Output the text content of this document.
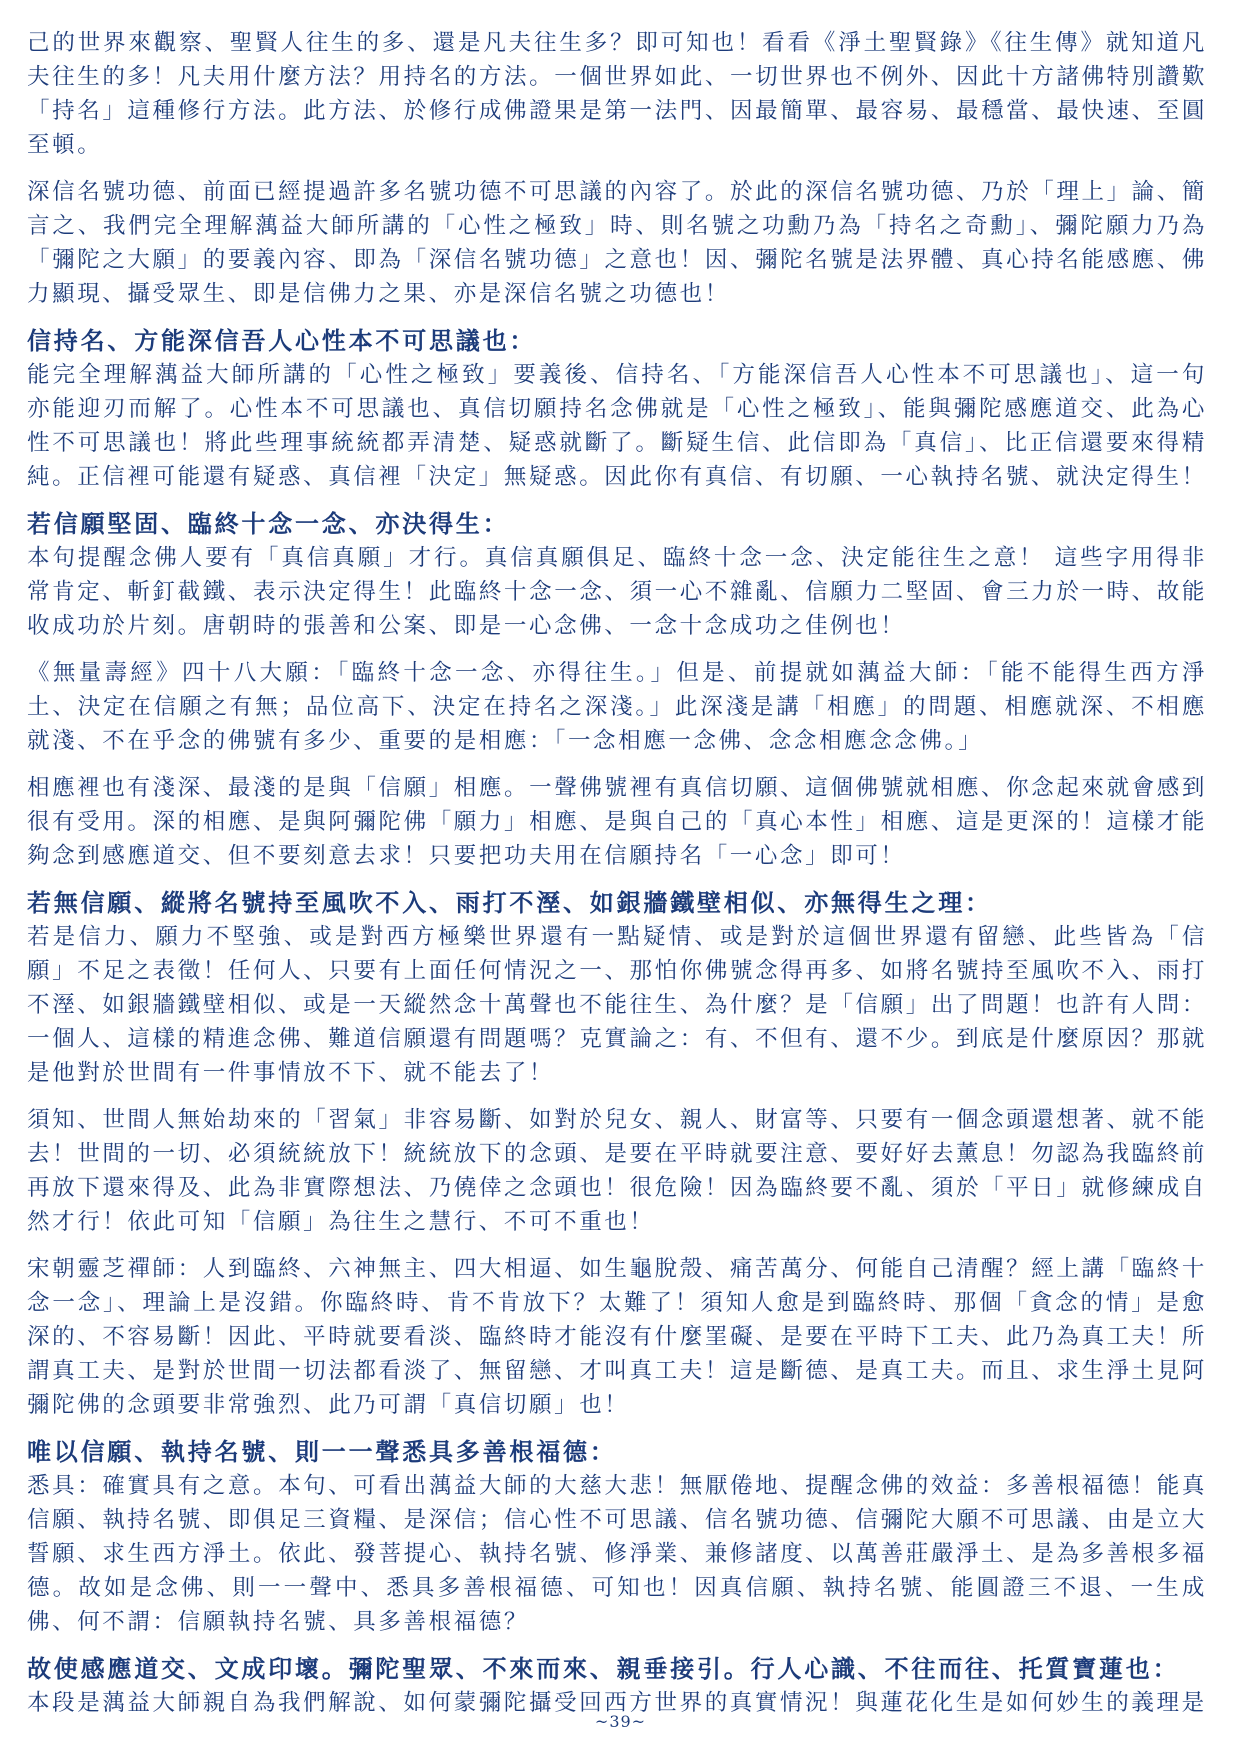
己的世界來觀察、聖賢人往生的多、還是凡夫往生多？即可知也！看看《淨土聖賢錄》《往生傳》就知道凡夫往生的多！凡夫用什麼方法？用持名的方法。一個世界如此、一切世界也不例外、因此十方諸佛特別讚歎「持名」這種修行方法。此方法、於修行成佛證果是第一法門、因最簡單、最容易、最穩當、最快速、至圓至頓。

深信名號功德、前面已經提過許多名號功德不可思議的內容了。於此的深信名號功德、乃於「理上」論、簡言之、我們完全理解蕅益大師所講的「心性之極致」時、則名號之功勳乃為「持名之奇勳」、彌陀願力乃為「彌陀之大願」的要義內容、即為「深信名號功德」之意也！因、彌陀名號是法界體、真心持名能感應、佛力顯現、攝受眾生、即是信佛力之果、亦是深信名號之功德也！

信持名、方能深信吾人心性本不可思議也：

能完全理解蕅益大師所講的「心性之極致」要義後、信持名、「方能深信吾人心性本不可思議也」、這一句亦能迎刃而解了。心性本不可思議也、真信切願持名念佛就是「心性之極致」、能與彌陀感應道交、此為心性不可思議也！將此些理事統統都弄清楚、疑惑就斷了。斷疑生信、此信即為「真信」、比正信還要來得精純。正信裡可能還有疑惑、真信裡「決定」無疑惑。因此你有真信、有切願、一心執持名號、就決定得生！

若信願堅固、臨終十念一念、亦決得生：

本句提醒念佛人要有「真信真願」才行。真信真願俱足、臨終十念一念、決定能往生之意！ 這些字用得非常肯定、斬釘截鐵、表示決定得生！此臨終十念一念、須一心不雜亂、信願力二堅固、會三力於一時、故能收成功於片刻。唐朝時的張善和公案、即是一心念佛、一念十念成功之佳例也！

《無量壽經》四十八大願：「臨終十念一念、亦得往生。」但是、前提就如蕅益大師：「能不能得生西方淨土、決定在信願之有無；品位高下、決定在持名之深淺。」此深淺是講「相應」的問題、相應就深、不相應就淺、不在乎念的佛號有多少、重要的是相應：「一念相應一念佛、念念相應念念佛。」

相應裡也有淺深、最淺的是與「信願」相應。一聲佛號裡有真信切願、這個佛號就相應、你念起來就會感到很有受用。深的相應、是與阿彌陀佛「願力」相應、是與自己的「真心本性」相應、這是更深的！這樣才能夠念到感應道交、但不要刻意去求！只要把功夫用在信願持名「一心念」即可！

若無信願、縱將名號持至風吹不入、雨打不溼、如銀牆鐵壁相似、亦無得生之理：

若是信力、願力不堅強、或是對西方極樂世界還有一點疑情、或是對於這個世界還有留戀、此些皆為「信願」不足之表徵！任何人、只要有上面任何情況之一、那怕你佛號念得再多、如將名號持至風吹不入、雨打不溼、如銀牆鐵壁相似、或是一天縱然念十萬聲也不能往生、為什麼？是「信願」出了問題！也許有人問：一個人、這樣的精進念佛、難道信願還有問題嗎？克實論之：有、不但有、還不少。到底是什麼原因？那就是他對於世間有一件事情放不下、就不能去了！

須知、世間人無始劫來的「習氣」非容易斷、如對於兒女、親人、財富等、只要有一個念頭還想著、就不能去！世間的一切、必須統統放下！統統放下的念頭、是要在平時就要注意、要好好去薰息！勿認為我臨終前再放下還來得及、此為非實際想法、乃僥倖之念頭也！很危險！因為臨終要不亂、須於「平日」就修練成自然才行！依此可知「信願」為往生之慧行、不可不重也！

宋朝靈芝禪師：人到臨終、六神無主、四大相逼、如生龜脫殼、痛苦萬分、何能自己清醒？經上講「臨終十念一念」、理論上是沒錯。你臨終時、肯不肯放下？太難了！須知人愈是到臨終時、那個「貪念的情」是愈深的、不容易斷！因此、平時就要看淡、臨終時才能沒有什麼罣礙、是要在平時下工夫、此乃為真工夫！所謂真工夫、是對於世間一切法都看淡了、無留戀、才叫真工夫！這是斷德、是真工夫。而且、求生淨土見阿彌陀佛的念頭要非常強烈、此乃可謂「真信切願」也！

唯以信願、執持名號、則一一聲悉具多善根福德：

悉具：確實具有之意。本句、可看出蕅益大師的大慈大悲！無厭倦地、提醒念佛的效益：多善根福德！能真信願、執持名號、即俱足三資糧、是深信；信心性不可思議、信名號功德、信彌陀大願不可思議、由是立大誓願、求生西方淨土。依此、發菩提心、執持名號、修淨業、兼修諸度、以萬善莊嚴淨土、是為多善根多福德。故如是念佛、則一一聲中、悉具多善根福德、可知也！因真信願、執持名號、能圓證三不退、一生成佛、何不謂：信願執持名號、具多善根福德？

故使感應道交、文成印壞。彌陀聖眾、不來而來、親垂接引。行人心識、不往而往、托質寶蓮也：

本段是蕅益大師親自為我們解說、如何蒙彌陀攝受回西方世界的真實情況！與蓮花化生是如何妙生的義理是

~39~
